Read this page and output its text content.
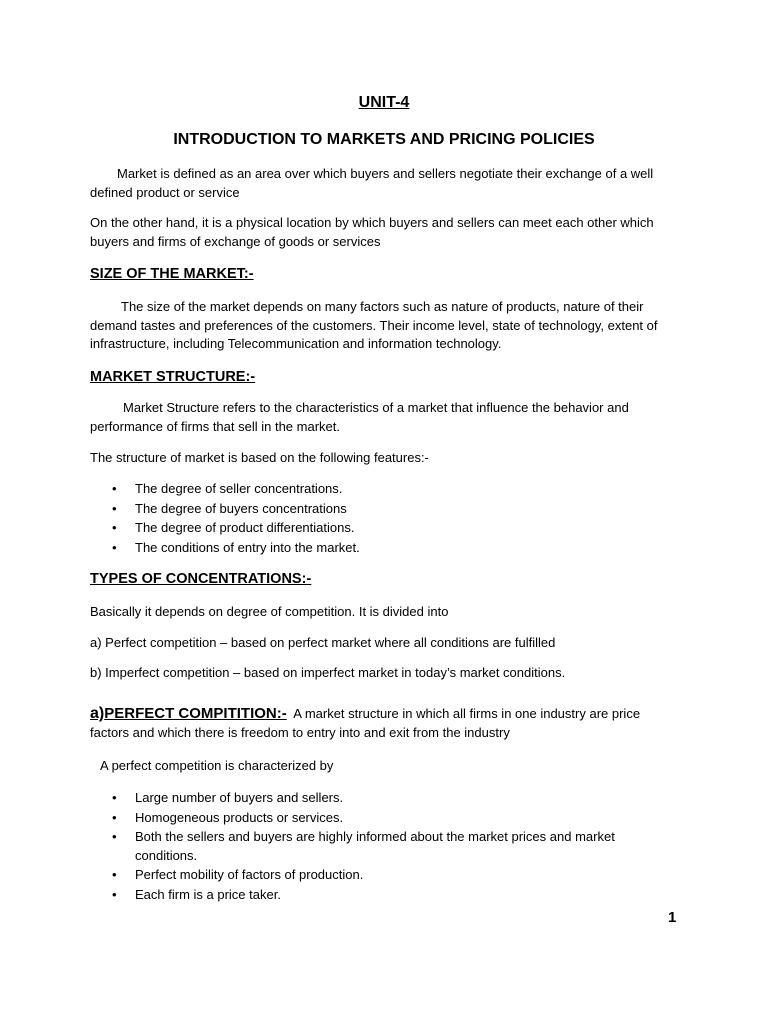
UNIT-4
INTRODUCTION TO MARKETS AND PRICING POLICIES

Market is defined as an area over which buyers and sellers negotiate their exchange of a well defined product or service

On the other hand, it is a physical location by which buyers and sellers can meet each other which buyers and firms of exchange of goods or services

SIZE OF THE MARKET:-

The size of the market depends on many factors such as nature of products, nature of their demand tastes and preferences of the customers. Their income level, state of technology, extent of infrastructure, including Telecommunication and information technology.

MARKET STRUCTURE:-

Market Structure refers to the characteristics of a market that influence the behavior and performance of firms that sell in the market.

The structure of market is based on the following features:-

• The degree of seller concentrations.
• The degree of buyers concentrations
• The degree of product differentiations.
• The conditions of entry into the market.
TYPES OF CONCENTRATIONS:-

Basically it depends on degree of competition. It is divided into

a) Perfect competition – based on perfect market where all conditions are fulfilled

b) Imperfect competition – based on imperfect market in today’s market conditions.

a)PERFECT COMPITITION:- A market structure in which all firms in one industry are price factors and which there is freedom to entry into and exit from the industry

A perfect competition is characterized by

• Large number of buyers and sellers.
• Homogeneous products or services.
• Both the sellers and buyers are highly informed about the market prices and market conditions.
• Perfect mobility of factors of production.
• Each firm is a price taker.
1
